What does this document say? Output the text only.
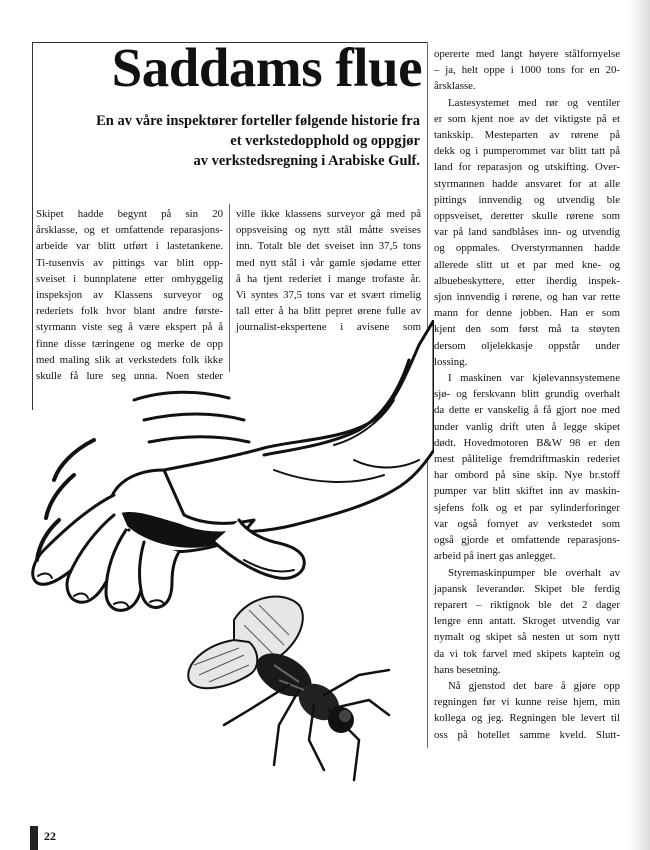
Saddams flue
En av våre inspektører forteller følgende historie fra
et verkstedopphold og oppgjør
av verkstedsregning i Arabiske Gulf.

Skipet hadde begynt på sin 20
årsklasse, og et omfattende reparasjons-
arbeide var blitt utført i lastetankene.
Ti-tusenvis av pittings var blitt opp-
sveiset i bunnplatene etter omhyggelig
inspeksjon av Klassens surveyor og
rederiets folk hvor blant andre første-
styrmann viste seg å være ekspert på å
finne disse tæringene og merke de opp
med maling slik at verkstedets folk ikke
skulle få lure seg unna. Noen steder

ville ikke klassens surveyor gå med på
oppsveising og nytt stål måtte sveises
inn. Totalt ble det sveiset inn 37,5 tons
med nytt stål i vår gamle sjødame etter
å ha tjent rederiet i mange trofaste år.
Vi syntes 37,5 tons var et svært rimelig
tall etter å ha blitt pepret ørene fulle av
journalist-ekspertene i avisene som

opererte med langt høyere stålfornyelse
– ja, helt oppe i 1000 tons for en 20-
årsklasse.

Lastesystemet med rør og ventiler
er som kjent noe av det viktigste på et
tankskip. Mesteparten av rørene på
dekk og i pumperommet var blitt tatt på
land for reparasjon og utskifting. Over-
styrmannen hadde ansvaret for at alle
pittings innvendig og utvendig ble
oppsveiset, deretter skulle rørene som
var på land sandblåses inn- og utvendig
og oppmales. Overstyrmannen hadde
allerede slitt ut et par med kne- og
albuebeskyttere, etter iherdig inspek-
sjon innvendig i rørene, og han var rette
mann for denne jobben. Han er som
kjent den som først må ta støyten
dersom oljelekkasje oppstår under
lossing.

I maskinen var kjølevannsystemene
sjø- og ferskvann blitt grundig overhalt
da dette er vanskelig å få gjort noe med
under vanlig drift uten å legge skipet
dødt. Hovedmotoren B&W 98 er den
mest pålitelige fremdriftmaskin rederiet
har ombord på sine skip. Nye br.stoff
pumper var blitt skiftet inn av maskin-
sjefens folk og et par sylinderforinger
var også fornyet av verkstedet som
også gjorde et omfattende reparasjons-
arbeid på inert gas anlegget.

Styremaskinpumper ble overhalt av
japansk leverandør. Skipet ble ferdig
reparert – riktignok ble det 2 dager
lengre enn antatt. Skroget utvendig var
nymalt og skipet så nesten ut som nytt
da vi tok farvel med skipets kaptein og
hans besetning.

Nå gjenstod det bare å gjøre opp
regningen før vi kunne reise hjem, min
kollega og jeg. Regningen ble levert til
oss på hotellet samme kveld. Slutt-

22
